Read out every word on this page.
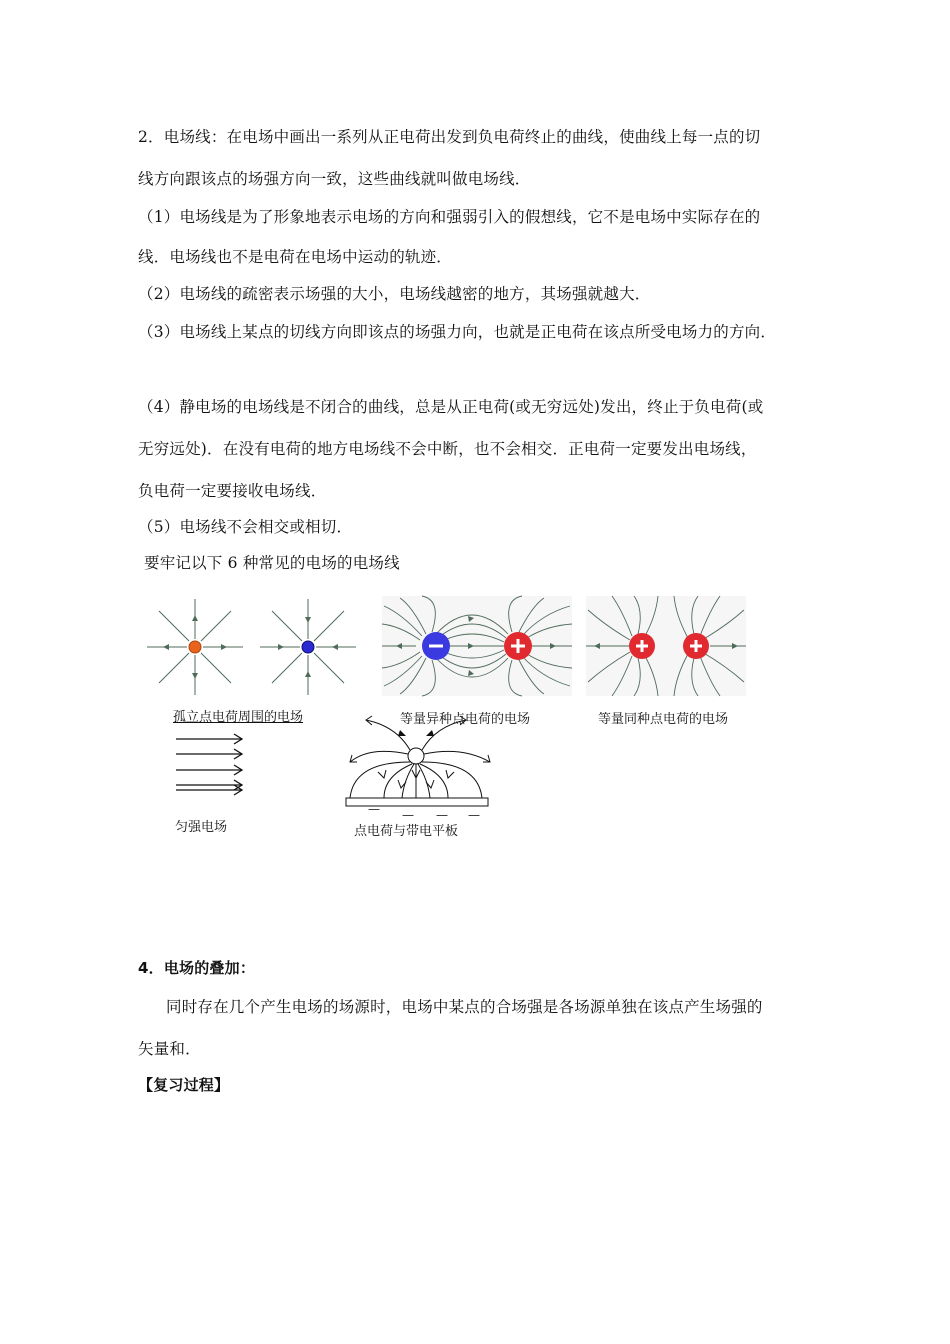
2．电场线：在电场中画出一系列从正电荷出发到负电荷终止的曲线，使曲线上每一点的切
线方向跟该点的场强方向一致，这些曲线就叫做电场线．
（1）电场线是为了形象地表示电场的方向和强弱引入的假想线，它不是电场中实际存在的
线．电场线也不是电荷在电场中运动的轨迹．
（2）电场线的疏密表示场强的大小，电场线越密的地方，其场强就越大．
（3）电场线上某点的切线方向即该点的场强力向，也就是正电荷在该点所受电场力的方向．
（4）静电场的电场线是不闭合的曲线，总是从正电荷(或无穷远处)发出，终止于负电荷(或
无穷远处)．在没有电荷的地方电场线不会中断，也不会相交．正电荷一定要发出电场线，
负电荷一定要接收电场线．
（5）电场线不会相交或相切．
要牢记以下 6 种常见的电场的电场线
孤立点电荷周围的电场	等量异种点电荷的电场	等量同种点电荷的电场
匀强电场
— — — —
点电荷与带电平板
4．电场的叠加：
同时存在几个产生电场的场源时，电场中某点的合场强是各场源单独在该点产生场强的
矢量和．
【复习过程】
